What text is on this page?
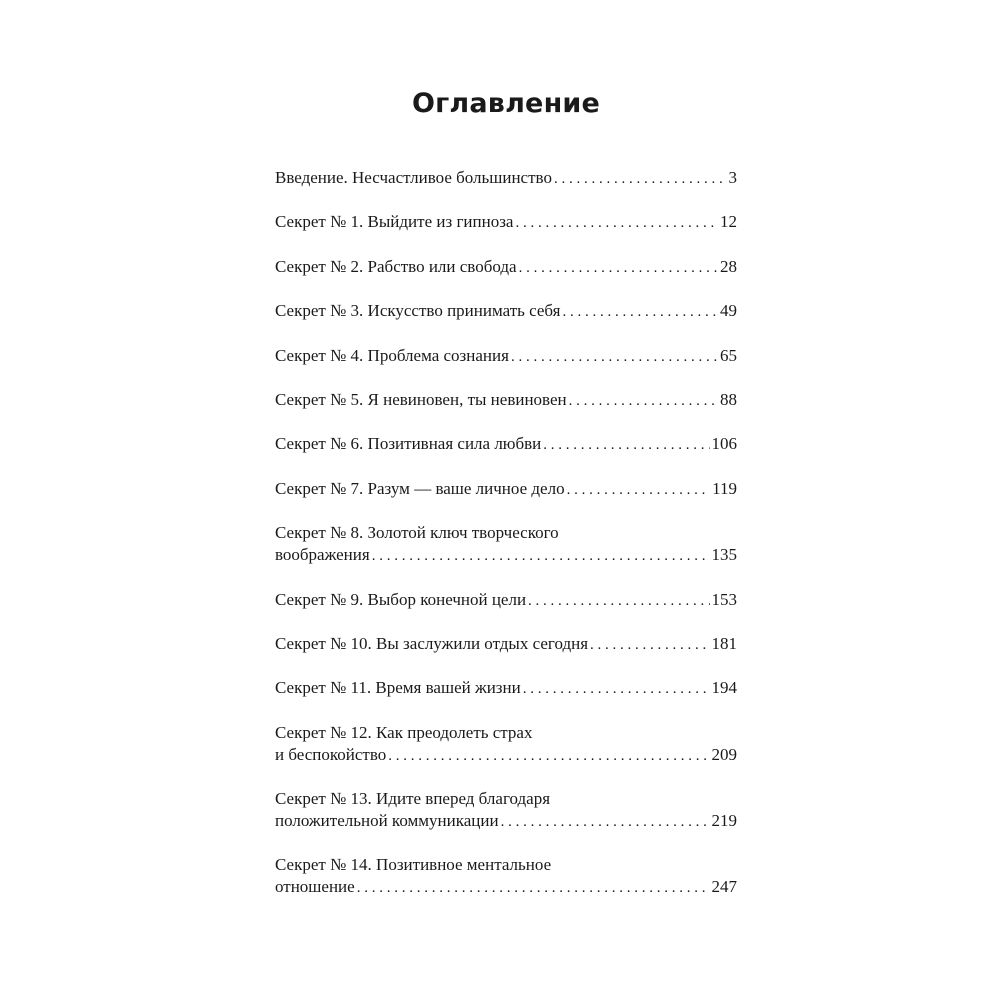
Оглавление
Введение. Несчастливое большинство . . .	3
Секрет № 1. Выйдите из гипноза . . .	12
Секрет № 2. Рабство или свобода . . .	28
Секрет № 3. Искусство принимать себя . . .	49
Секрет № 4. Проблема сознания . . .	65
Секрет № 5. Я невиновен, ты невиновен . . .	88
Секрет № 6. Позитивная сила любви . . .	106
Секрет № 7. Разум — ваше личное дело . . .	119
Секрет № 8. Золотой ключ творческого
воображения . . .	135
Секрет № 9. Выбор конечной цели . . .	153
Секрет № 10. Вы заслужили отдых сегодня . . .	181
Секрет № 11. Время вашей жизни . . .	194
Секрет № 12. Как преодолеть страх
и беспокойство . . .	209
Секрет № 13. Идите вперед благодаря
положительной коммуникации . . .	219
Секрет № 14. Позитивное ментальное
отношение . . .	247
